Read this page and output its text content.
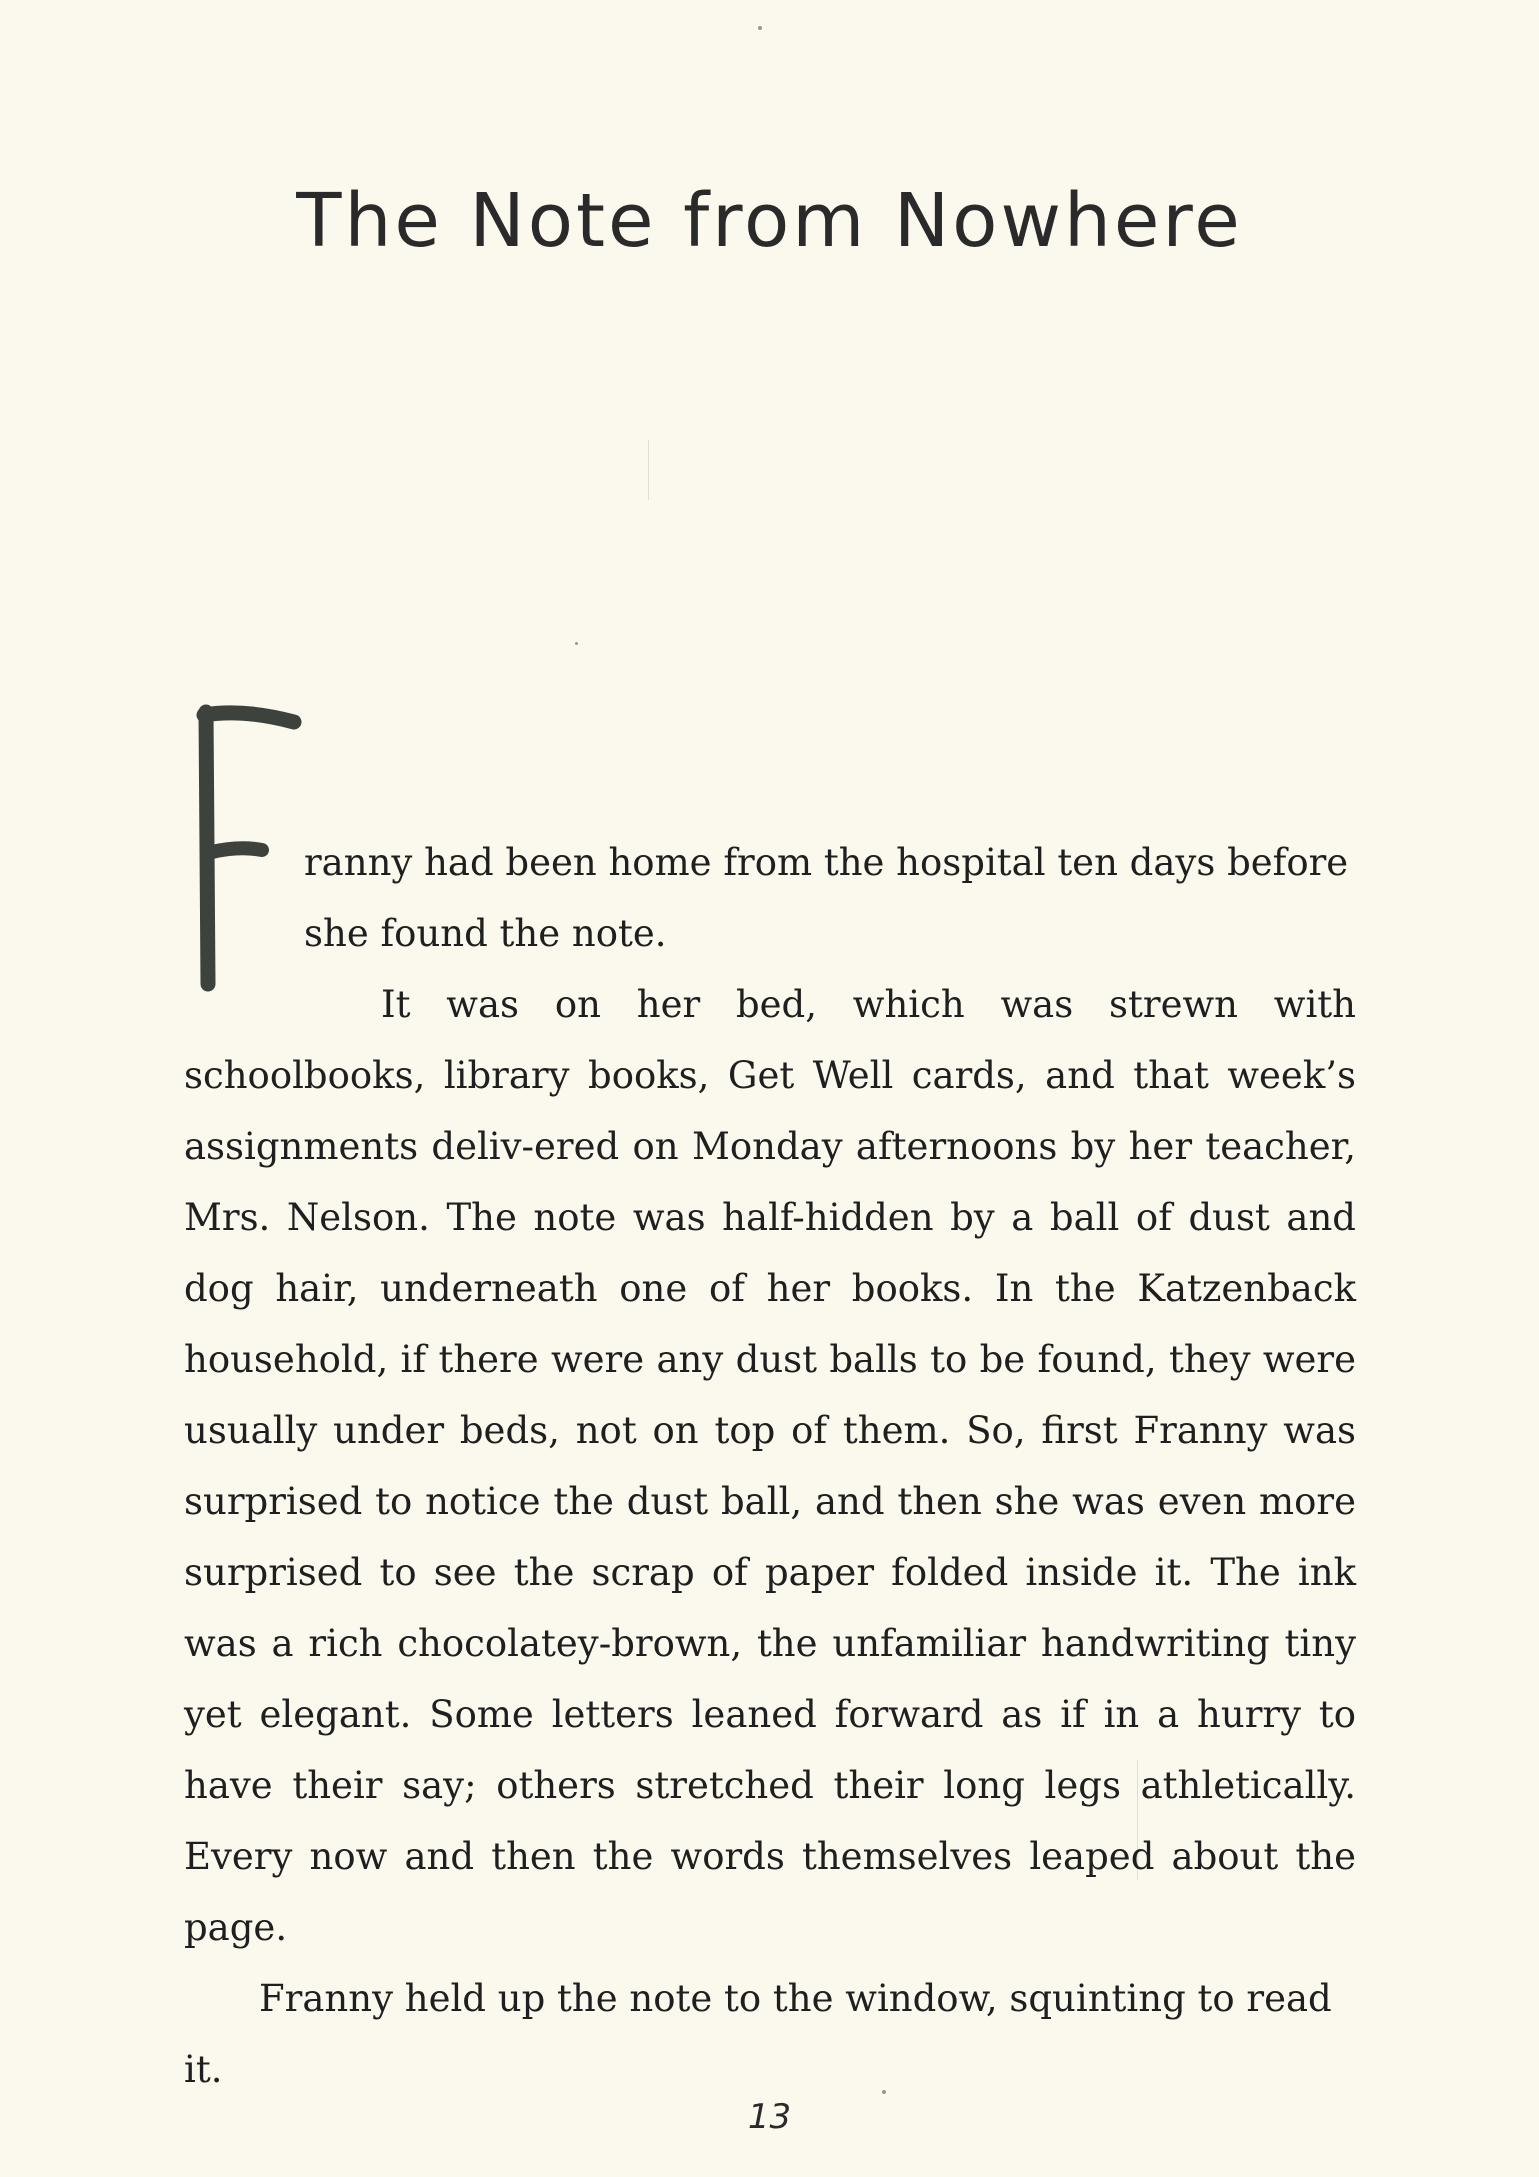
The Note from Nowhere

ranny had been home from the hospital ten days before she found the note.

It was on her bed, which was strewn with schoolbooks, library books, Get Well cards, and that week’s assignments deliv-ered on Monday afternoons by her teacher, Mrs. Nelson. The note was half-hidden by a ball of dust and dog hair, underneath one of her books. In the Katzenback household, if there were any dust balls to be found, they were usually under beds, not on top of them. So, first Franny was surprised to notice the dust ball, and then she was even more surprised to see the scrap of paper folded inside it. The ink was a rich chocolatey-brown, the unfamiliar handwriting tiny yet elegant. Some letters leaned forward as if in a hurry to have their say; others stretched their long legs athletically. Every now and then the words themselves leaped about the page.

Franny held up the note to the window, squinting to read it.

13
